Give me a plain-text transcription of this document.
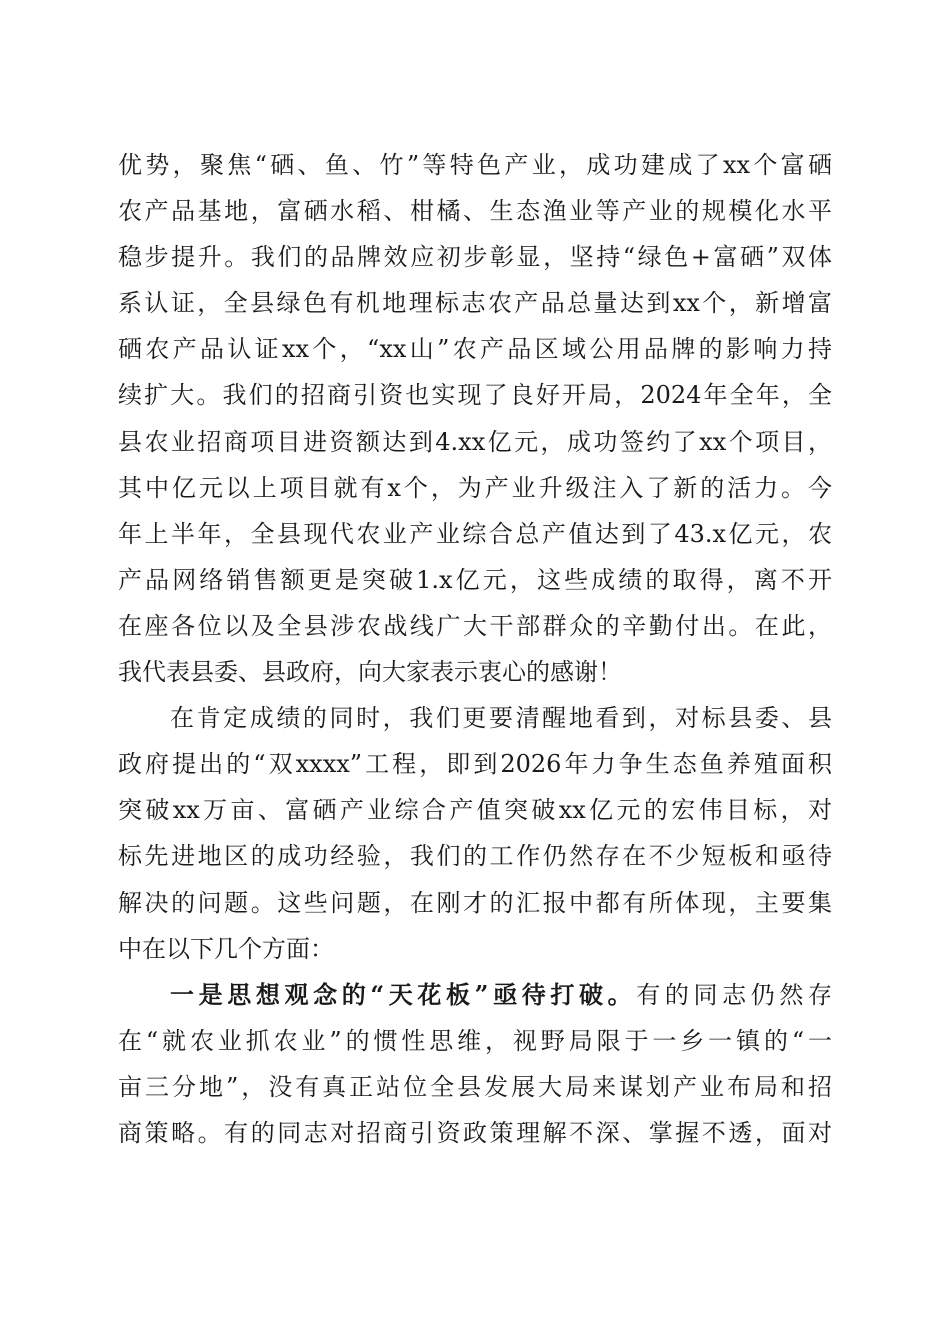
优势，聚焦“硒、鱼、竹”等特色产业，成功建成了xx个富硒
农产品基地，富硒水稻、柑橘、生态渔业等产业的规模化水平
稳步提升。我们的品牌效应初步彰显，坚持“绿色+富硒”双体
系认证，全县绿色有机地理标志农产品总量达到xx个，新增富
硒农产品认证xx个，“xx山”农产品区域公用品牌的影响力持
续扩大。我们的招商引资也实现了良好开局，2024年全年，全
县农业招商项目进资额达到4.xx亿元，成功签约了xx个项目，
其中亿元以上项目就有x个，为产业升级注入了新的活力。今
年上半年，全县现代农业产业综合总产值达到了43.x亿元，农
产品网络销售额更是突破1.x亿元，这些成绩的取得，离不开
在座各位以及全县涉农战线广大干部群众的辛勤付出。在此，
我代表县委、县政府，向大家表示衷心的感谢！
在肯定成绩的同时，我们更要清醒地看到，对标县委、县
政府提出的“双xxxx”工程，即到2026年力争生态鱼养殖面积
突破xx万亩、富硒产业综合产值突破xx亿元的宏伟目标，对
标先进地区的成功经验，我们的工作仍然存在不少短板和亟待
解决的问题。这些问题，在刚才的汇报中都有所体现，主要集
中在以下几个方面：
一是思想观念的“天花板”亟待打破。有的同志仍然存
在“就农业抓农业”的惯性思维，视野局限于一乡一镇的“一
亩三分地”，没有真正站位全县发展大局来谋划产业布局和招
商策略。有的同志对招商引资政策理解不深、掌握不透，面对
